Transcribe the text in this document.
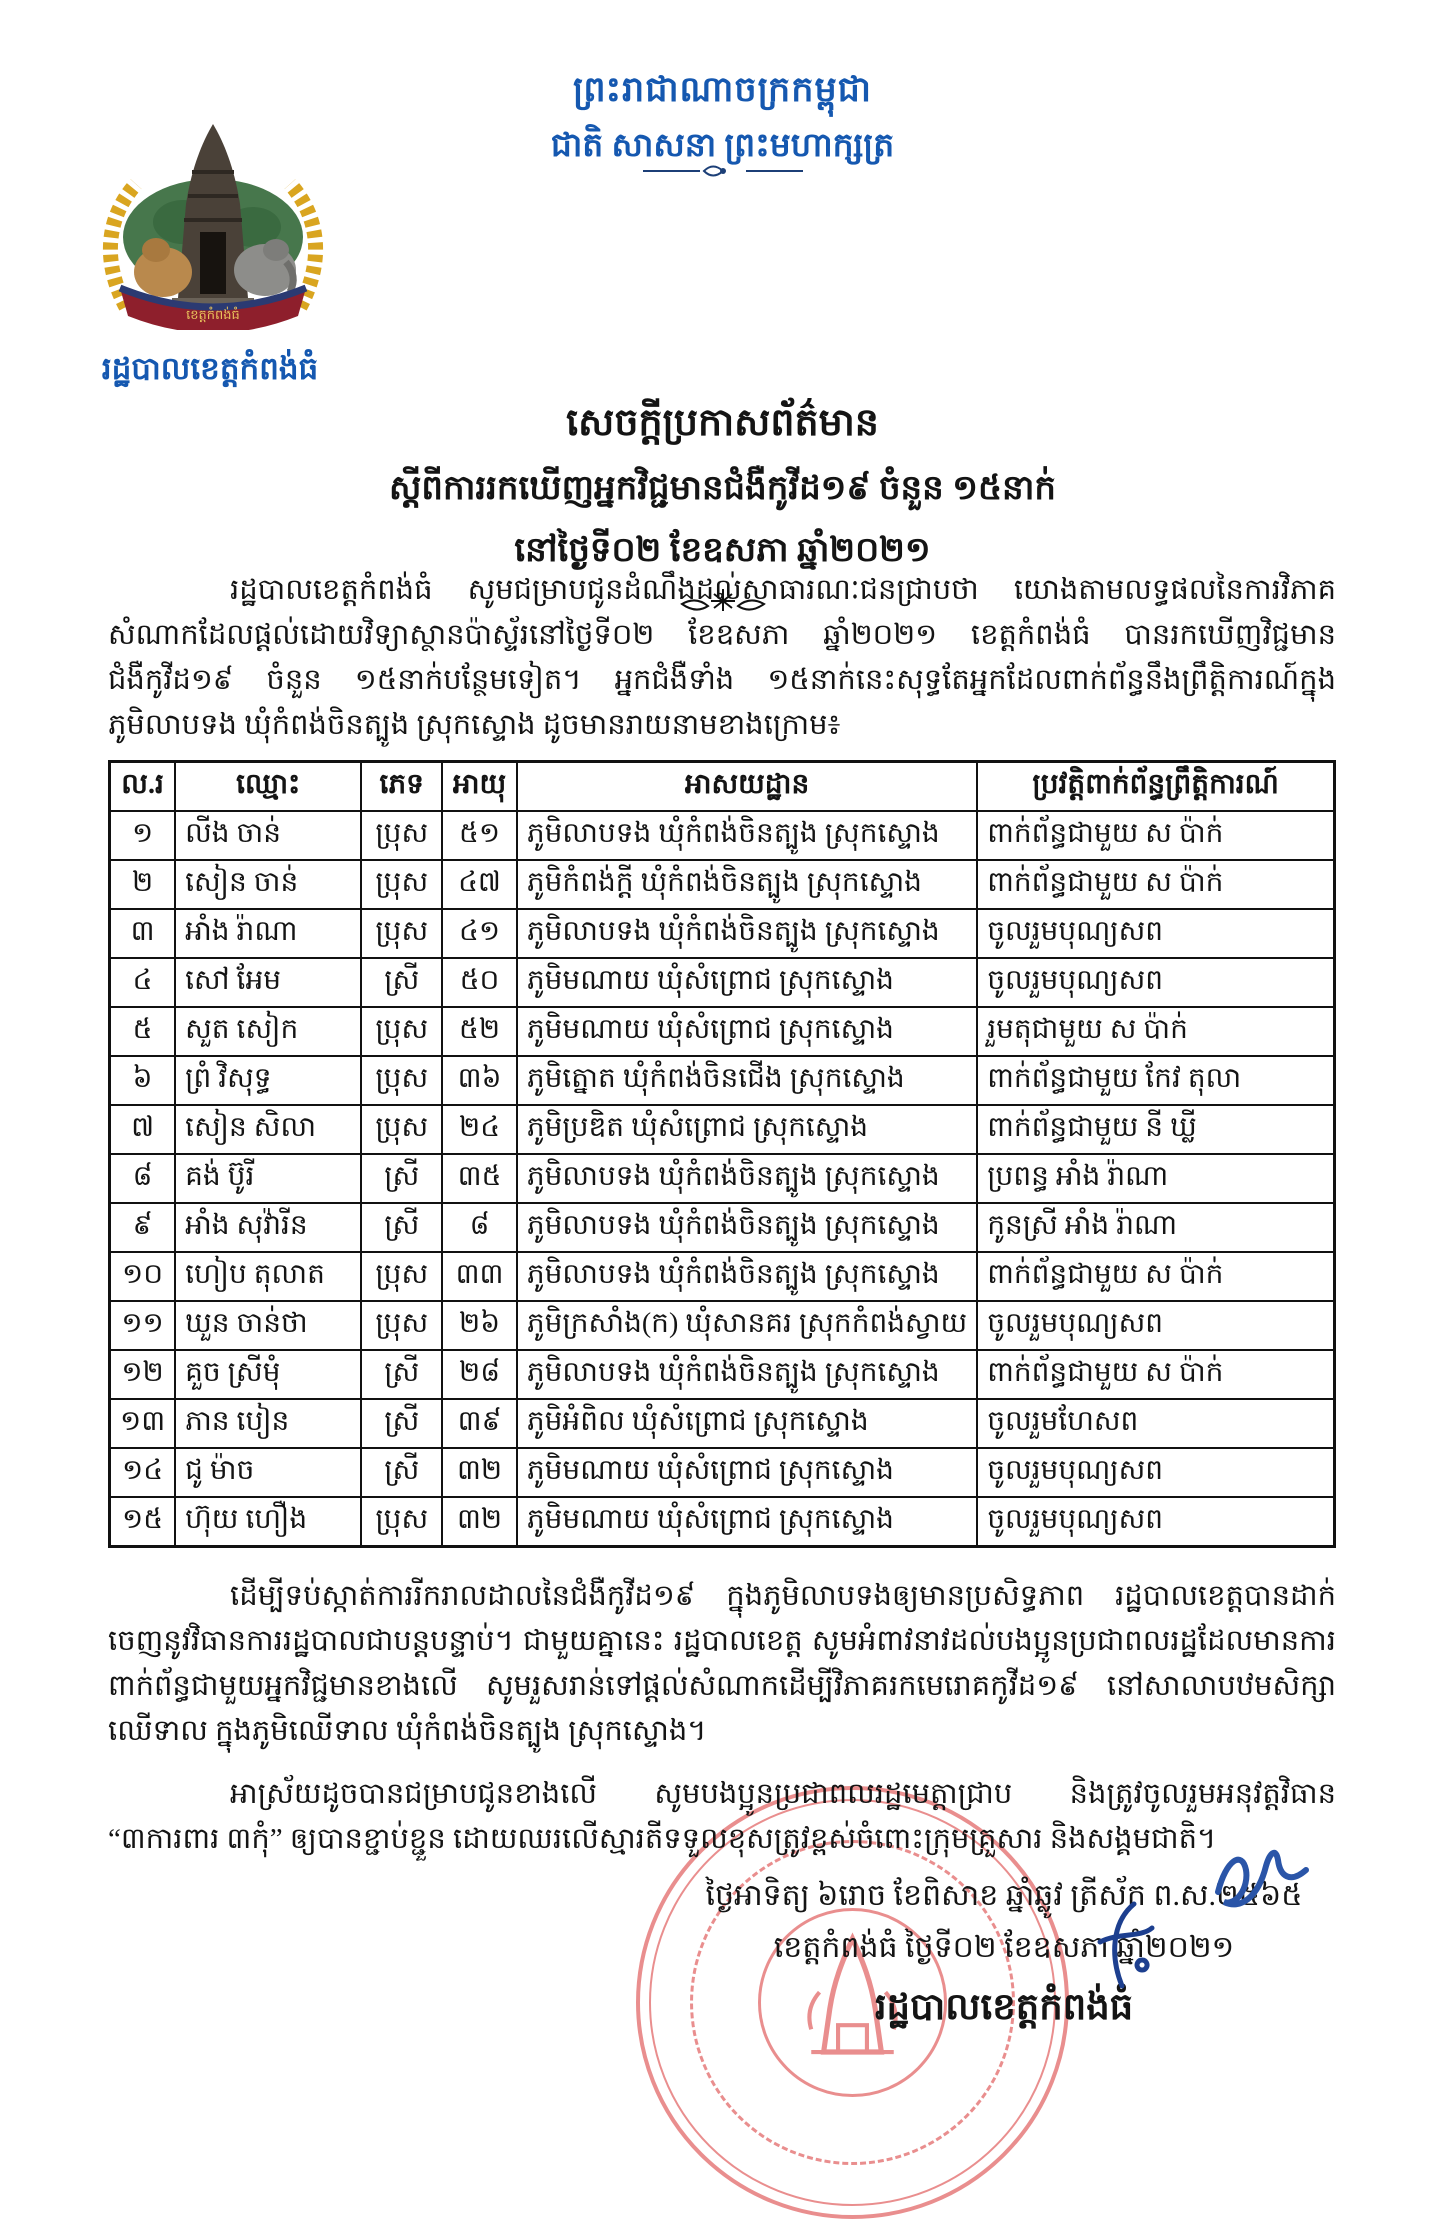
ព្រះរាជាណាចក្រកម្ពុជា
ជាតិ សាសនា ព្រះមហាក្សត្រ
ខេត្តកំពង់ធំ
រដ្ឋបាលខេត្តកំពង់ធំ
សេចក្តីប្រកាសព័ត៌មាន
ស្តីពីការរកឃើញអ្នកវិជ្ជមានជំងឺកូវីដ១៩ ចំនួន ១៥នាក់
នៅថ្ងៃទី០២ ខែឧសភា ឆ្នាំ២០២១

រដ្ឋបាលខេត្តកំពង់ធំ សូមជម្រាបជូនដំណឹងដល់សាធារណៈជនជ្រាបថា យោងតាមលទ្ធផលនៃការវិភាគសំណាកដែលផ្តល់ដោយវិទ្យាស្ថានប៉ាស្ទ័រនៅថ្ងៃទី០២ ខែឧសភា ឆ្នាំ២០២១ ខេត្តកំពង់ធំ បានរកឃើញវិជ្ជមានជំងឺកូវីដ១៩ ចំនួន ១៥នាក់បន្ថែមទៀត។ អ្នកជំងឺទាំង ១៥នាក់នេះសុទ្ធតែអ្នកដែលពាក់ព័ន្ធនឹងព្រឹត្តិការណ៍ក្នុងភូមិលាបទង ឃុំកំពង់ចិនត្បូង ស្រុកស្ទោង ដូចមានរាយនាមខាងក្រោម៖

ល.រ	ឈ្មោះ	ភេទ	អាយុ	អាសយដ្ឋាន	ប្រវត្តិពាក់ព័ន្ធព្រឹត្តិការណ៍
១	លីង ចាន់	ប្រុស	៥១	ភូមិលាបទង ឃុំកំពង់ចិនត្បូង ស្រុកស្ទោង	ពាក់ព័ន្ធជាមួយ ស ប៉ាក់
២	សៀន ចាន់	ប្រុស	៤៧	ភូមិកំពង់ក្តី ឃុំកំពង់ចិនត្បូង ស្រុកស្ទោង	ពាក់ព័ន្ធជាមួយ ស ប៉ាក់
៣	អាំង រ៉ាណា	ប្រុស	៤១	ភូមិលាបទង ឃុំកំពង់ចិនត្បូង ស្រុកស្ទោង	ចូលរួមបុណ្យសព
៤	សៅ អែម	ស្រី	៥០	ភូមិមណាយ ឃុំសំព្រោជ ស្រុកស្ទោង	ចូលរួមបុណ្យសព
៥	សួត សៀក	ប្រុស	៥២	ភូមិមណាយ ឃុំសំព្រោជ ស្រុកស្ទោង	រួមតុជាមួយ ស ប៉ាក់
៦	ព្រំ វិសុទ្ធ	ប្រុស	៣៦	ភូមិត្នោត ឃុំកំពង់ចិនជើង ស្រុកស្ទោង	ពាក់ព័ន្ធជាមួយ កែវ តុលា
៧	សៀន សិលា	ប្រុស	២៤	ភូមិប្រឌិត ឃុំសំព្រោជ ស្រុកស្ទោង	ពាក់ព័ន្ធជាមួយ នី ឃ្លី
៨	គង់ ប៊ូរី	ស្រី	៣៥	ភូមិលាបទង ឃុំកំពង់ចិនត្បូង ស្រុកស្ទោង	ប្រពន្ធ អាំង រ៉ាណា
៩	អាំង សុវ៉ារីន	ស្រី	៨	ភូមិលាបទង ឃុំកំពង់ចិនត្បូង ស្រុកស្ទោង	កូនស្រី អាំង រ៉ាណា
១០	ហៀប តុលាត	ប្រុស	៣៣	ភូមិលាបទង ឃុំកំពង់ចិនត្បូង ស្រុកស្ទោង	ពាក់ព័ន្ធជាមួយ ស ប៉ាក់
១១	ឃួន ចាន់ថា	ប្រុស	២៦	ភូមិក្រសាំង(ក) ឃុំសានគរ ស្រុកកំពង់ស្វាយ	ចូលរួមបុណ្យសព
១២	គួច ស្រីមុំ	ស្រី	២៨	ភូមិលាបទង ឃុំកំពង់ចិនត្បូង ស្រុកស្ទោង	ពាក់ព័ន្ធជាមួយ ស ប៉ាក់
១៣	ភាន បៀន	ស្រី	៣៩	ភូមិអំពិល ឃុំសំព្រោជ ស្រុកស្ទោង	ចូលរួមហែសព
១៤	ជូ ម៉ាច	ស្រី	៣២	ភូមិមណាយ ឃុំសំព្រោជ ស្រុកស្ទោង	ចូលរួមបុណ្យសព
១៥	ហ៊ុយ ហឿង	ប្រុស	៣២	ភូមិមណាយ ឃុំសំព្រោជ ស្រុកស្ទោង	ចូលរួមបុណ្យសព

ដើម្បីទប់ស្កាត់ការរីករាលដាលនៃជំងឺកូវីដ១៩ ក្នុងភូមិលាបទងឲ្យមានប្រសិទ្ធភាព រដ្ឋបាលខេត្តបានដាក់ចេញនូវវិធានការរដ្ឋបាលជាបន្តបន្ទាប់។ ជាមួយគ្នានេះ រដ្ឋបាលខេត្ត សូមអំពាវនាវដល់បងប្អូនប្រជាពលរដ្ឋដែលមានការពាក់ព័ន្ធជាមួយអ្នកវិជ្ជមានខាងលើ សូមរួសរាន់ទៅផ្តល់សំណាកដើម្បីវិភាគរកមេរោគកូវីដ១៩ នៅសាលាបឋមសិក្សាឈើទាល ក្នុងភូមិឈើទាល ឃុំកំពង់ចិនត្បូង ស្រុកស្ទោង។

អាស្រ័យដូចបានជម្រាបជូនខាងលើ សូមបងប្អូនប្រជាពលរដ្ឋមេត្តាជ្រាប និងត្រូវចូលរួមអនុវត្តវិធាន “៣ការពារ ៣កុំ” ឲ្យបានខ្ជាប់ខ្ជួន ដោយឈរលើស្មារតីទទួលខុសត្រូវខ្ពស់ចំពោះក្រុមគ្រួសារ និងសង្គមជាតិ។

ថ្ងៃអាទិត្យ ៦រោច ខែពិសាខ ឆ្នាំឆ្លូវ ត្រីស័ក ព.ស.២៥៦៥
ខេត្តកំពង់ធំ ថ្ងៃទី០២ ខែឧសភា ឆ្នាំ២០២១
រដ្ឋបាលខេត្តកំពង់ធំ
